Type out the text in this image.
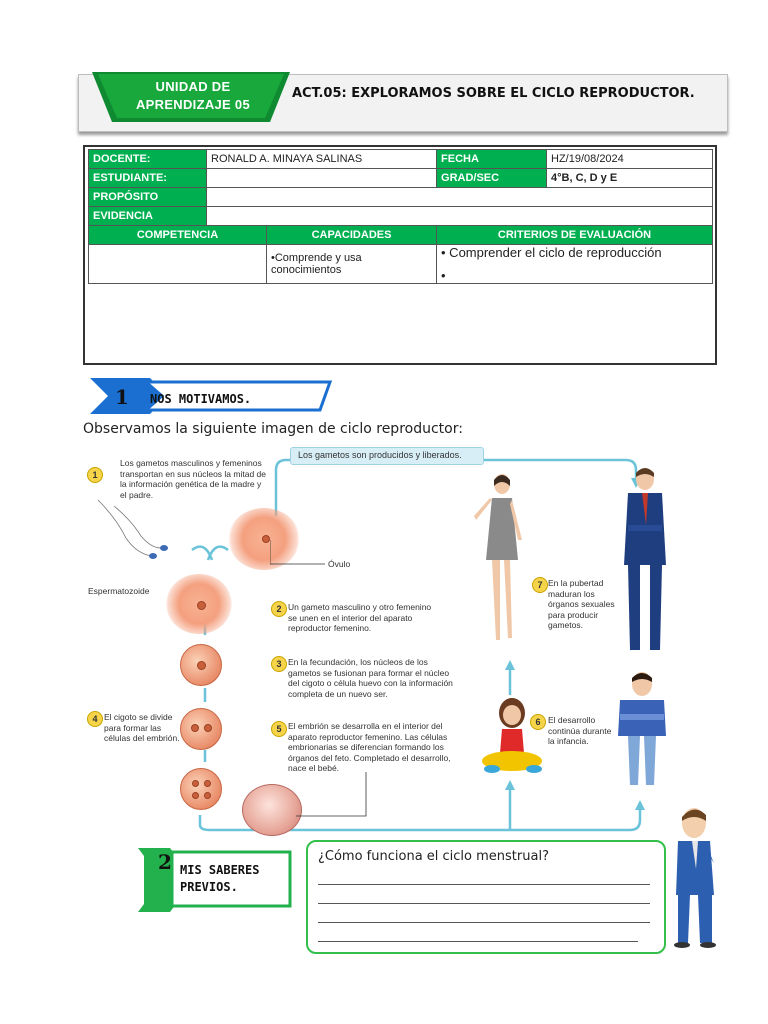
UNIDAD DE
APRENDIZAJE 05
ACT.05: EXPLORAMOS SOBRE EL CICLO REPRODUCTOR.
DOCENTE:	RONALD A. MINAYA SALINAS		FECHA	HZ/19/08/2024
ESTUDIANTE:			GRAD/SEC	4°B, C, D y E
PROPÓSITO				
EVIDENCIA				
COMPETENCIA		CAPACIDADES	CRITERIOS DE EVALUACIÓN	

		•Comprende y usa conocimientos	• Comprender el ciclo de reproducción
•	
1 NOS MOTIVAMOS.
Observamos la siguiente imagen de ciclo reproductor:
Los gametos son producidos y liberados.
1
Los gametos masculinos y femeninos transportan en sus núcleos la mitad de la información genética de la madre y el padre.
Espermatozoide
Óvulo
2 Un gameto masculino y otro femenino se unen en el interior del aparato reproductor femenino.
3 En la fecundación, los núcleos de los gametos se fusionan para formar el núcleo del cigoto o célula huevo con la información completa de un nuevo ser.
4 El cigoto se divide para formar las células del embrión.
5 El embrión se desarrolla en el interior del aparato reproductor femenino. Las células embrionarias se diferencian formando los órganos del feto. Completado el desarrollo, nace el bebé.
7 En la pubertad maduran los órganos sexuales para producir gametos.
6 El desarrollo continúa durante la infancia.
2 MIS SABERES
PREVIOS.
¿Cómo funciona el ciclo menstrual?
